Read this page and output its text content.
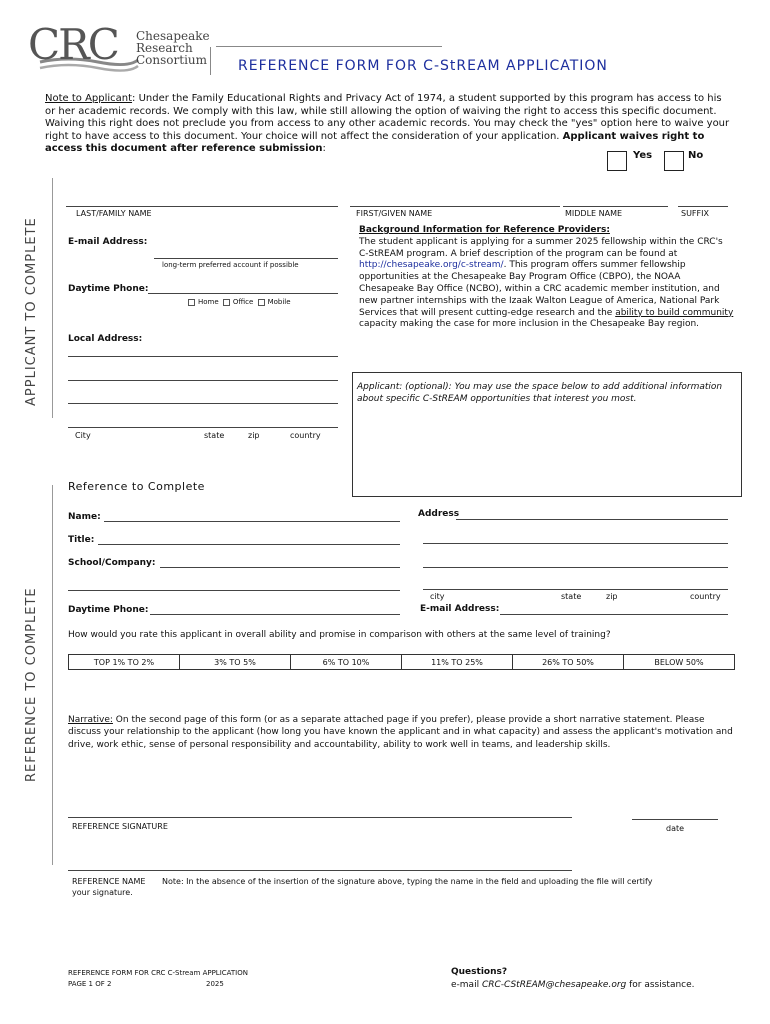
CRC Chesapeake
Research
Consortium REFERENCE FORM FOR C-StREAM APPLICATION
Note to Applicant: Under the Family Educational Rights and Privacy Act of 1974, a student supported by this program has access to his or her academic records. We comply with this law, while still allowing the option of waiving the right to access this specific document. Waiving this right does not preclude you from access to any other academic records. You may check the "yes" option here to waive your right to have access to this document. Your choice will not affect the consideration of your application. Applicant waives right to access this document after reference submission:
Yes	No
APPLICANT TO COMPLETE
REFERENCE TO COMPLETE
LAST/FAMILY NAME	FIRST/GIVEN NAME	MIDDLE NAME	SUFFIX
E-mail Address:
long-term preferred account if possible
Daytime Phone:
Home Office Mobile
Local Address:
City	state	zip	country
Background Information for Reference Providers:
The student applicant is applying for a summer 2025 fellowship within the CRC's C-StREAM program. A brief description of the program can be found at http://chesapeake.org/c-stream/. This program offers summer fellowship opportunities at the Chesapeake Bay Program Office (CBPO), the NOAA Chesapeake Bay Office (NCBO), within a CRC academic member institution, and new partner internships with the Izaak Walton League of America, National Park Services that will present cutting-edge research and the ability to build community capacity making the case for more inclusion in the Chesapeake Bay region.
Applicant: (optional): You may use the space below to add additional information about specific C-StREAM opportunities that interest you most.
Reference to Complete
Name:
Title:
School/Company:
Daytime Phone:
Address
city	state	zip	country
E-mail Address:
How would you rate this applicant in overall ability and promise in comparison with others at the same level of training?
TOP 1% TO 2%	3% TO 5%	6% TO 10%	11% TO 25%	26% TO 50%	BELOW 50%
Narrative: On the second page of this form (or as a separate attached page if you prefer), please provide a short narrative statement. Please discuss your relationship to the applicant (how long you have known the applicant and in what capacity) and assess the applicant's motivation and drive, work ethic, sense of personal responsibility and accountability, ability to work well in teams, and leadership skills.
REFERENCE SIGNATURE	date
REFERENCE NAME Note: In the absence of the insertion of the signature above, typing the name in the field and uploading the file will certify
your signature.
REFERENCE FORM FOR CRC C-Stream APPLICATION
PAGE 1 OF 2	2025
Questions?
e-mail CRC-CStREAM@chesapeake.org for assistance.
